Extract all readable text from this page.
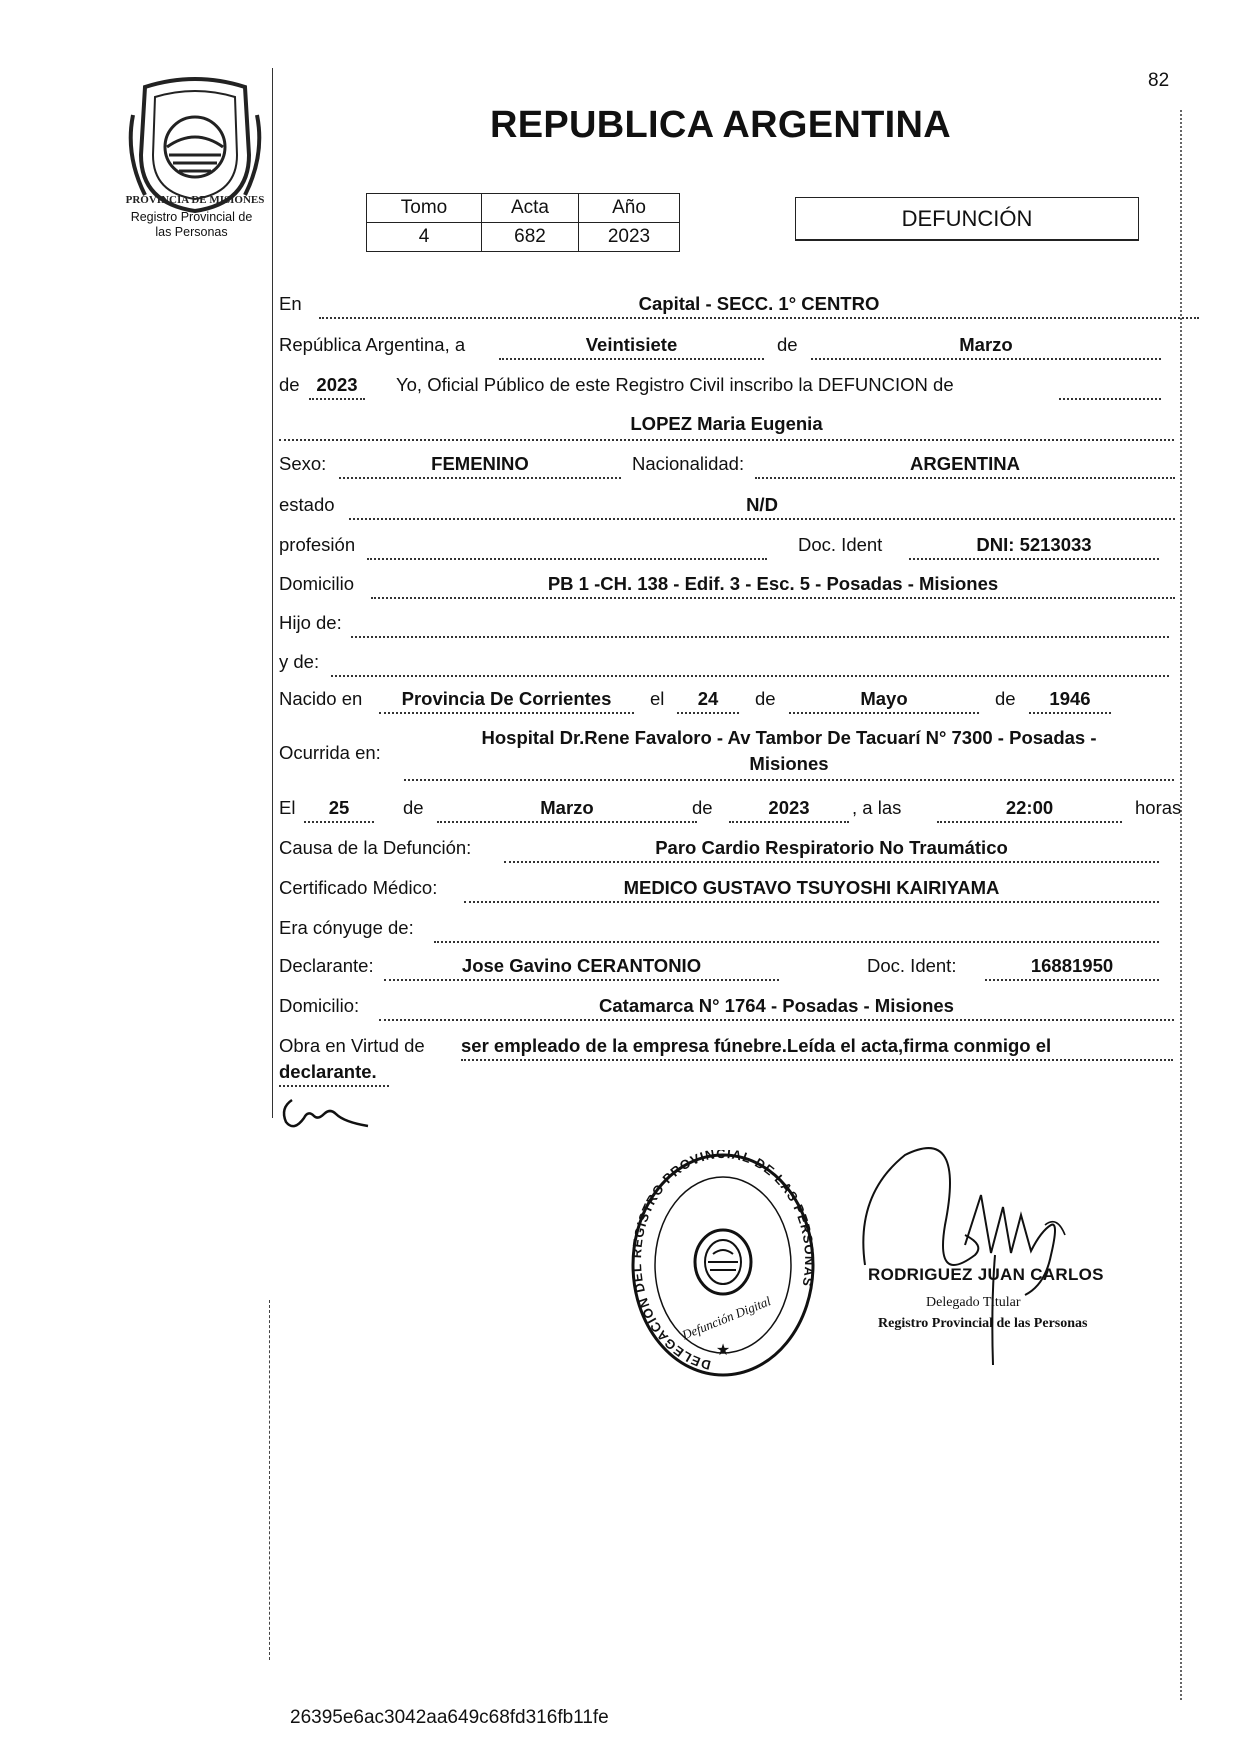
82
PROVINCIA DE MISIONES
Registro Provincial de
las Personas
REPUBLICA ARGENTINA
Tomo	Acta	Año
4	682	2023
DEFUNCIÓN
En	Capital - SECC. 1° CENTRO
República Argentina, a	Veintisiete	de	Marzo
de 2023	Yo, Oficial Público de este Registro Civil inscribo la DEFUNCION de
LOPEZ Maria Eugenia
Sexo:	FEMENINO	Nacionalidad:	ARGENTINA
estado	N/D
profesión	Doc. Ident	DNI: 5213033
Domicilio	PB 1 -CH. 138 - Edif. 3 - Esc. 5 - Posadas - Misiones
Hijo de:
y de:
Nacido en	Provincia De Corrientes	el	24	de	Mayo	de	1946
Ocurrida en:
Hospital Dr.Rene Favaloro - Av Tambor De Tacuarí N° 7300 - Posadas -
Misiones
El	25	de	Marzo	de	2023	, a las	22:00	horas
Causa de la Defunción:	Paro Cardio Respiratorio No Traumático
Certificado Médico:	MEDICO GUSTAVO TSUYOSHI KAIRIYAMA
Era cónyuge de:
Declarante:	Jose Gavino CERANTONIO	Doc. Ident:	16881950
Domicilio:	Catamarca N° 1764 - Posadas - Misiones
Obra en Virtud de ser empleado de la empresa fúnebre.Leída el acta,firma conmigo el
declarante.
DELEGACION DEL REGISTRO PROVINCIAL DE LAS PERSONAS
Defunción Digital
★
RODRIGUEZ JUAN CARLOS
Delegado Titular
Registro Provincial de las Personas
26395e6ac3042aa649c68fd316fb11fe
